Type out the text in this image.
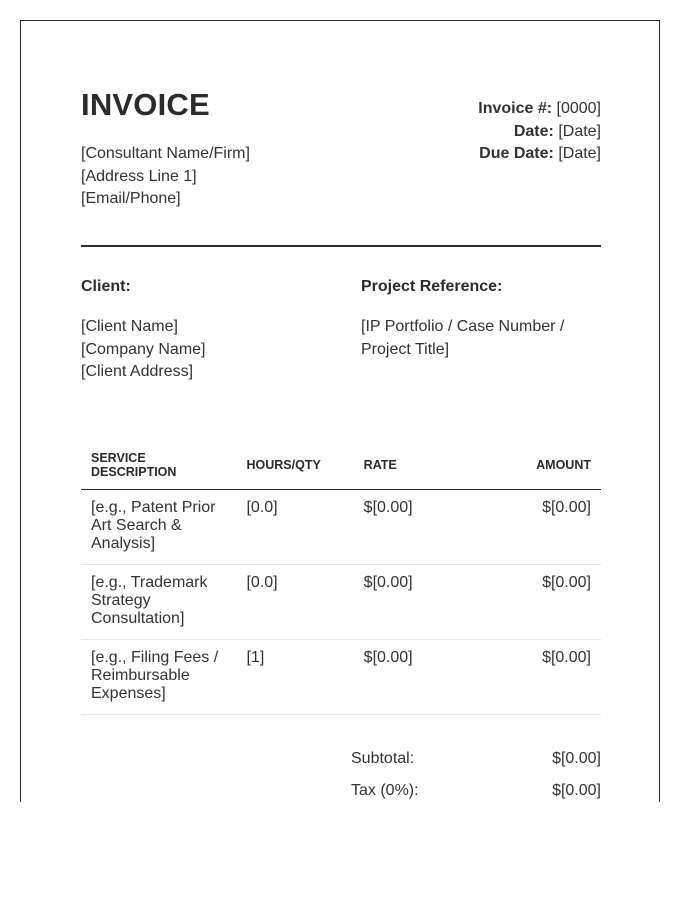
INVOICE
[Consultant Name/Firm]
[Address Line 1]
[Email/Phone]
Invoice #: [0000]
Date: [Date]
Due Date: [Date]
Client:	Project Reference:
[Client Name]
[Company Name]
[Client Address]
[IP Portfolio / Case Number /
Project Title]
SERVICE DESCRIPTION	HOURS/QTY	RATE	AMOUNT
[e.g., Patent Prior Art Search & Analysis]	[0.0]	$[0.00]	$[0.00]
[e.g., Trademark Strategy Consultation]	[0.0]	$[0.00]	$[0.00]
[e.g., Filing Fees / Reimbursable Expenses]	[1]	$[0.00]	$[0.00]
Subtotal:	$[0.00]
Tax (0%):	$[0.00]
